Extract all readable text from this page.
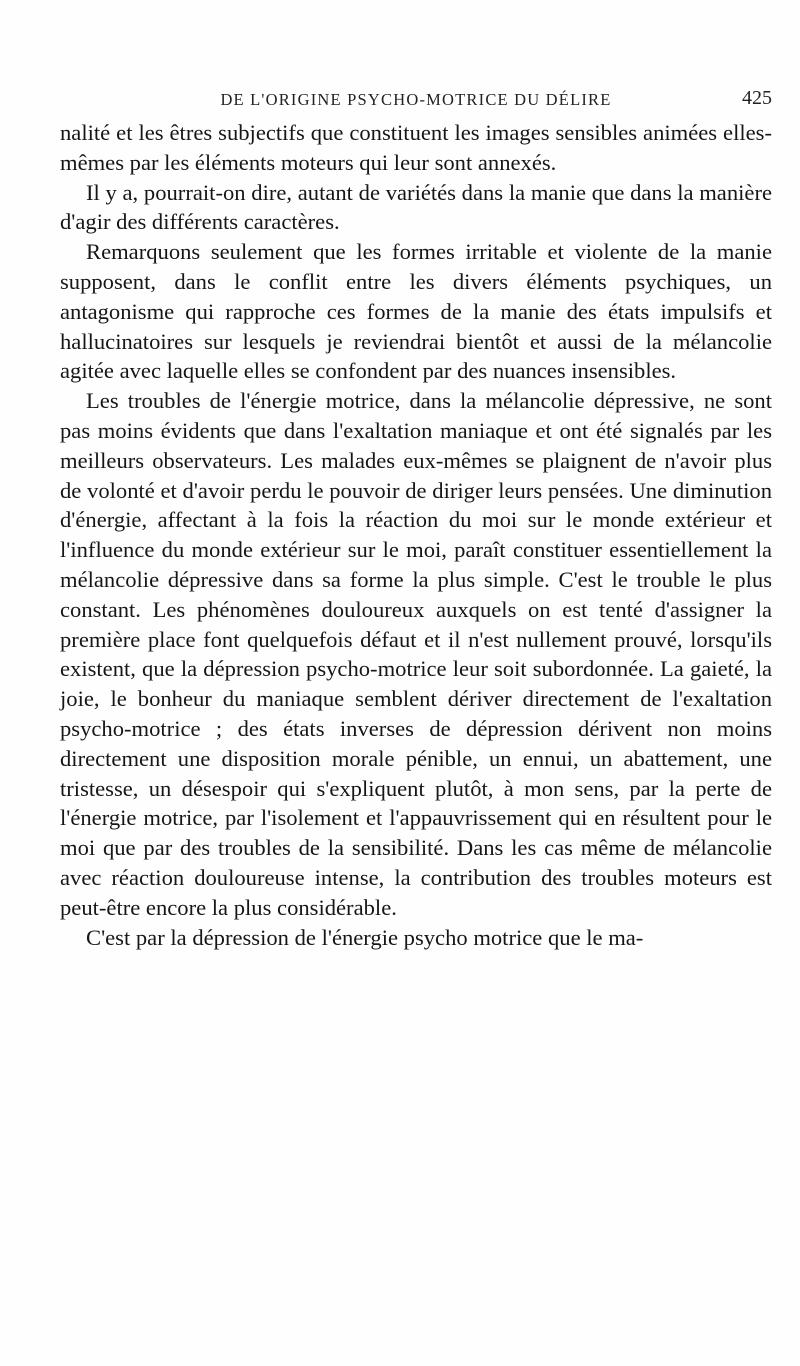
DE L'ORIGINE PSYCHO-MOTRICE DU DÉLIRE	425

nalité et les êtres subjectifs que constituent les images sensibles animées elles-mêmes par les éléments moteurs qui leur sont annexés.

Il y a, pourrait-on dire, autant de variétés dans la manie que dans la manière d'agir des différents caractères.

Remarquons seulement que les formes irritable et violente de la manie supposent, dans le conflit entre les divers éléments psychiques, un antagonisme qui rapproche ces formes de la manie des états impulsifs et hallucinatoires sur lesquels je reviendrai bientôt et aussi de la mélancolie agitée avec laquelle elles se confondent par des nuances insensibles.

Les troubles de l'énergie motrice, dans la mélancolie dépressive, ne sont pas moins évidents que dans l'exaltation maniaque et ont été signalés par les meilleurs observateurs. Les malades eux-mêmes se plaignent de n'avoir plus de volonté et d'avoir perdu le pouvoir de diriger leurs pensées. Une diminution d'énergie, affectant à la fois la réaction du moi sur le monde extérieur et l'influence du monde extérieur sur le moi, paraît constituer essentiellement la mélancolie dépressive dans sa forme la plus simple. C'est le trouble le plus constant. Les phénomènes douloureux auxquels on est tenté d'assigner la première place font quelquefois défaut et il n'est nullement prouvé, lorsqu'ils existent, que la dépression psycho-motrice leur soit subordonnée. La gaieté, la joie, le bonheur du maniaque semblent dériver directement de l'exaltation psycho-motrice ; des états inverses de dépression dérivent non moins directement une disposition morale pénible, un ennui, un abattement, une tristesse, un désespoir qui s'expliquent plutôt, à mon sens, par la perte de l'énergie motrice, par l'isolement et l'appauvrissement qui en résultent pour le moi que par des troubles de la sensibilité. Dans les cas même de mélancolie avec réaction douloureuse intense, la contribution des troubles moteurs est peut-être encore la plus considérable.

C'est par la dépression de l'énergie psycho motrice que le ma-
